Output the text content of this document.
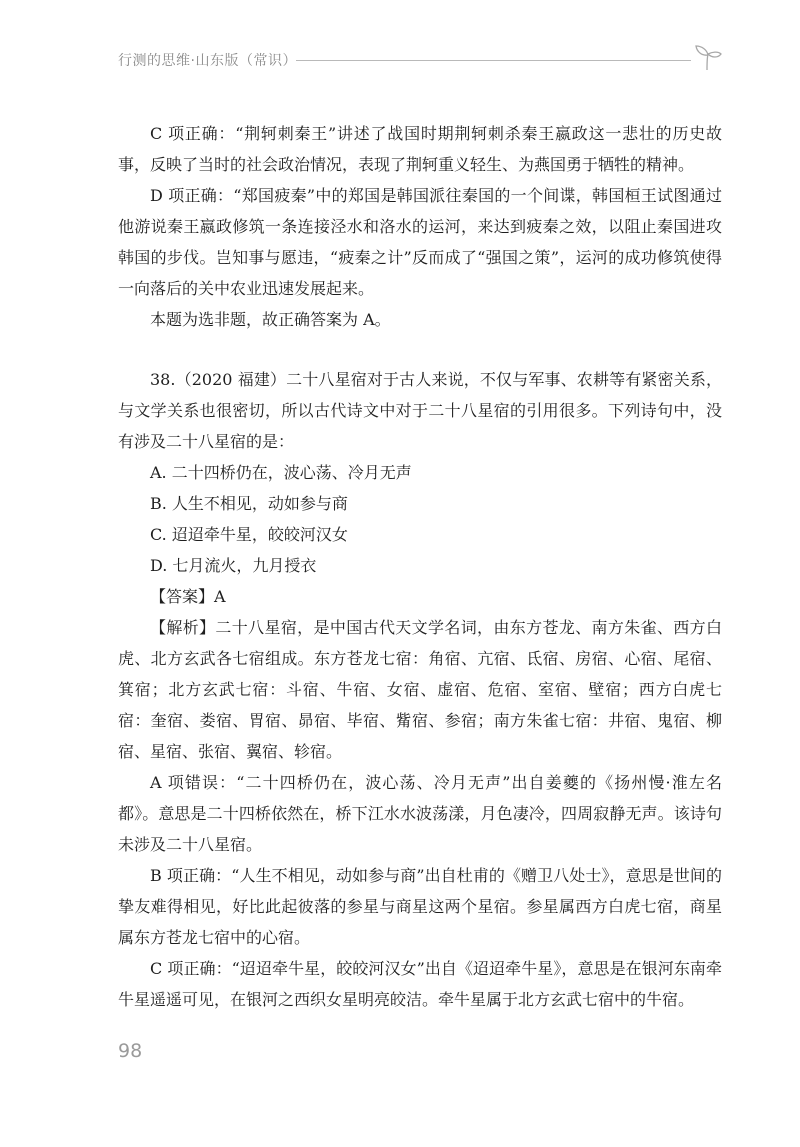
行测的思维·山东版（常识）

C 项正确：“荆轲刺秦王”讲述了战国时期荆轲刺杀秦王嬴政这一悲壮的历史故事，反映了当时的社会政治情况，表现了荆轲重义轻生、为燕国勇于牺牲的精神。

D 项正确：“郑国疲秦”中的郑国是韩国派往秦国的一个间谍，韩国桓王试图通过他游说秦王嬴政修筑一条连接泾水和洛水的运河，来达到疲秦之效，以阻止秦国进攻韩国的步伐。岂知事与愿违，“疲秦之计”反而成了“强国之策”，运河的成功修筑使得一向落后的关中农业迅速发展起来。

本题为选非题，故正确答案为 A。

38.（2020 福建）二十八星宿对于古人来说，不仅与军事、农耕等有紧密关系，与文学关系也很密切，所以古代诗文中对于二十八星宿的引用很多。下列诗句中，没有涉及二十八星宿的是：

A. 二十四桥仍在，波心荡、冷月无声

B. 人生不相见，动如参与商

C. 迢迢牵牛星，皎皎河汉女

D. 七月流火，九月授衣

【答案】A

【解析】二十八星宿，是中国古代天文学名词，由东方苍龙、南方朱雀、西方白虎、北方玄武各七宿组成。东方苍龙七宿：角宿、亢宿、氐宿、房宿、心宿、尾宿、箕宿；北方玄武七宿：斗宿、牛宿、女宿、虚宿、危宿、室宿、壁宿；西方白虎七宿：奎宿、娄宿、胃宿、昴宿、毕宿、觜宿、参宿；南方朱雀七宿：井宿、鬼宿、柳宿、星宿、张宿、翼宿、轸宿。

A 项错误：“二十四桥仍在，波心荡、冷月无声”出自姜夔的《扬州慢·淮左名都》。意思是二十四桥依然在，桥下江水水波荡漾，月色凄冷，四周寂静无声。该诗句未涉及二十八星宿。

B 项正确：“人生不相见，动如参与商”出自杜甫的《赠卫八处士》，意思是世间的挚友难得相见，好比此起彼落的参星与商星这两个星宿。参星属西方白虎七宿，商星属东方苍龙七宿中的心宿。

C 项正确：“迢迢牵牛星，皎皎河汉女”出自《迢迢牵牛星》，意思是在银河东南牵牛星遥遥可见，在银河之西织女星明亮皎洁。牵牛星属于北方玄武七宿中的牛宿。

98
